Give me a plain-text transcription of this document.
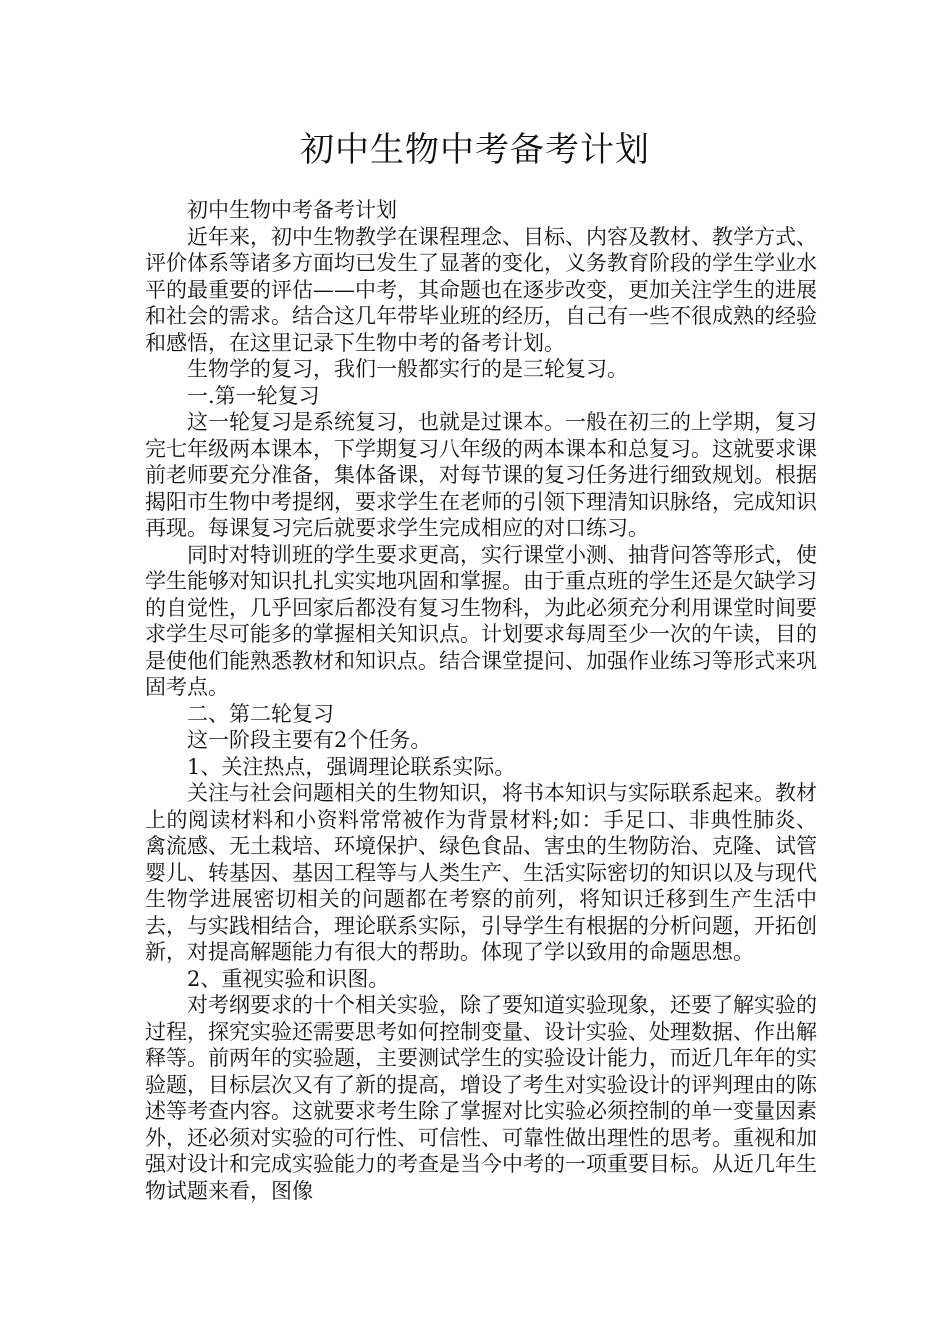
初中生物中考备考计划

初中生物中考备考计划

近年来，初中生物教学在课程理念、目标、内容及教材、教学方式、评价体系等诸多方面均已发生了显著的变化，义务教育阶段的学生学业水平的最重要的评估——中考，其命题也在逐步改变，更加关注学生的进展和社会的需求。结合这几年带毕业班的经历，自己有一些不很成熟的经验和感悟，在这里记录下生物中考的备考计划。

生物学的复习，我们一般都实行的是三轮复习。

一.第一轮复习

这一轮复习是系统复习，也就是过课本。一般在初三的上学期，复习完七年级两本课本，下学期复习八年级的两本课本和总复习。这就要求课前老师要充分准备，集体备课，对每节课的复习任务进行细致规划。根据揭阳市生物中考提纲，要求学生在老师的引领下理清知识脉络，完成知识再现。每课复习完后就要求学生完成相应的对口练习。

同时对特训班的学生要求更高，实行课堂小测、抽背问答等形式，使学生能够对知识扎扎实实地巩固和掌握。由于重点班的学生还是欠缺学习的自觉性，几乎回家后都没有复习生物科，为此必须充分利用课堂时间要求学生尽可能多的掌握相关知识点。计划要求每周至少一次的午读，目的是使他们能熟悉教材和知识点。结合课堂提问、加强作业练习等形式来巩固考点。

二、第二轮复习

这一阶段主要有2个任务。

1、关注热点，强调理论联系实际。

关注与社会问题相关的生物知识，将书本知识与实际联系起来。教材上的阅读材料和小资料常常被作为背景材料;如：手足口、非典性肺炎、禽流感、无土栽培、环境保护、绿色食品、害虫的生物防治、克隆、试管婴儿、转基因、基因工程等与人类生产、生活实际密切的知识以及与现代生物学进展密切相关的问题都在考察的前列，将知识迁移到生产生活中去，与实践相结合，理论联系实际，引导学生有根据的分析问题，开拓创新，对提高解题能力有很大的帮助。体现了学以致用的命题思想。

2、重视实验和识图。

对考纲要求的十个相关实验，除了要知道实验现象，还要了解实验的过程，探究实验还需要思考如何控制变量、设计实验、处理数据、作出解释等。前两年的实验题，主要测试学生的实验设计能力，而近几年年的实验题，目标层次又有了新的提高，增设了考生对实验设计的评判理由的陈述等考查内容。这就要求考生除了掌握对比实验必须控制的单一变量因素外，还必须对实验的可行性、可信性、可靠性做出理性的思考。重视和加强对设计和完成实验能力的考查是当今中考的一项重要目标。从近几年生物试题来看，图像
